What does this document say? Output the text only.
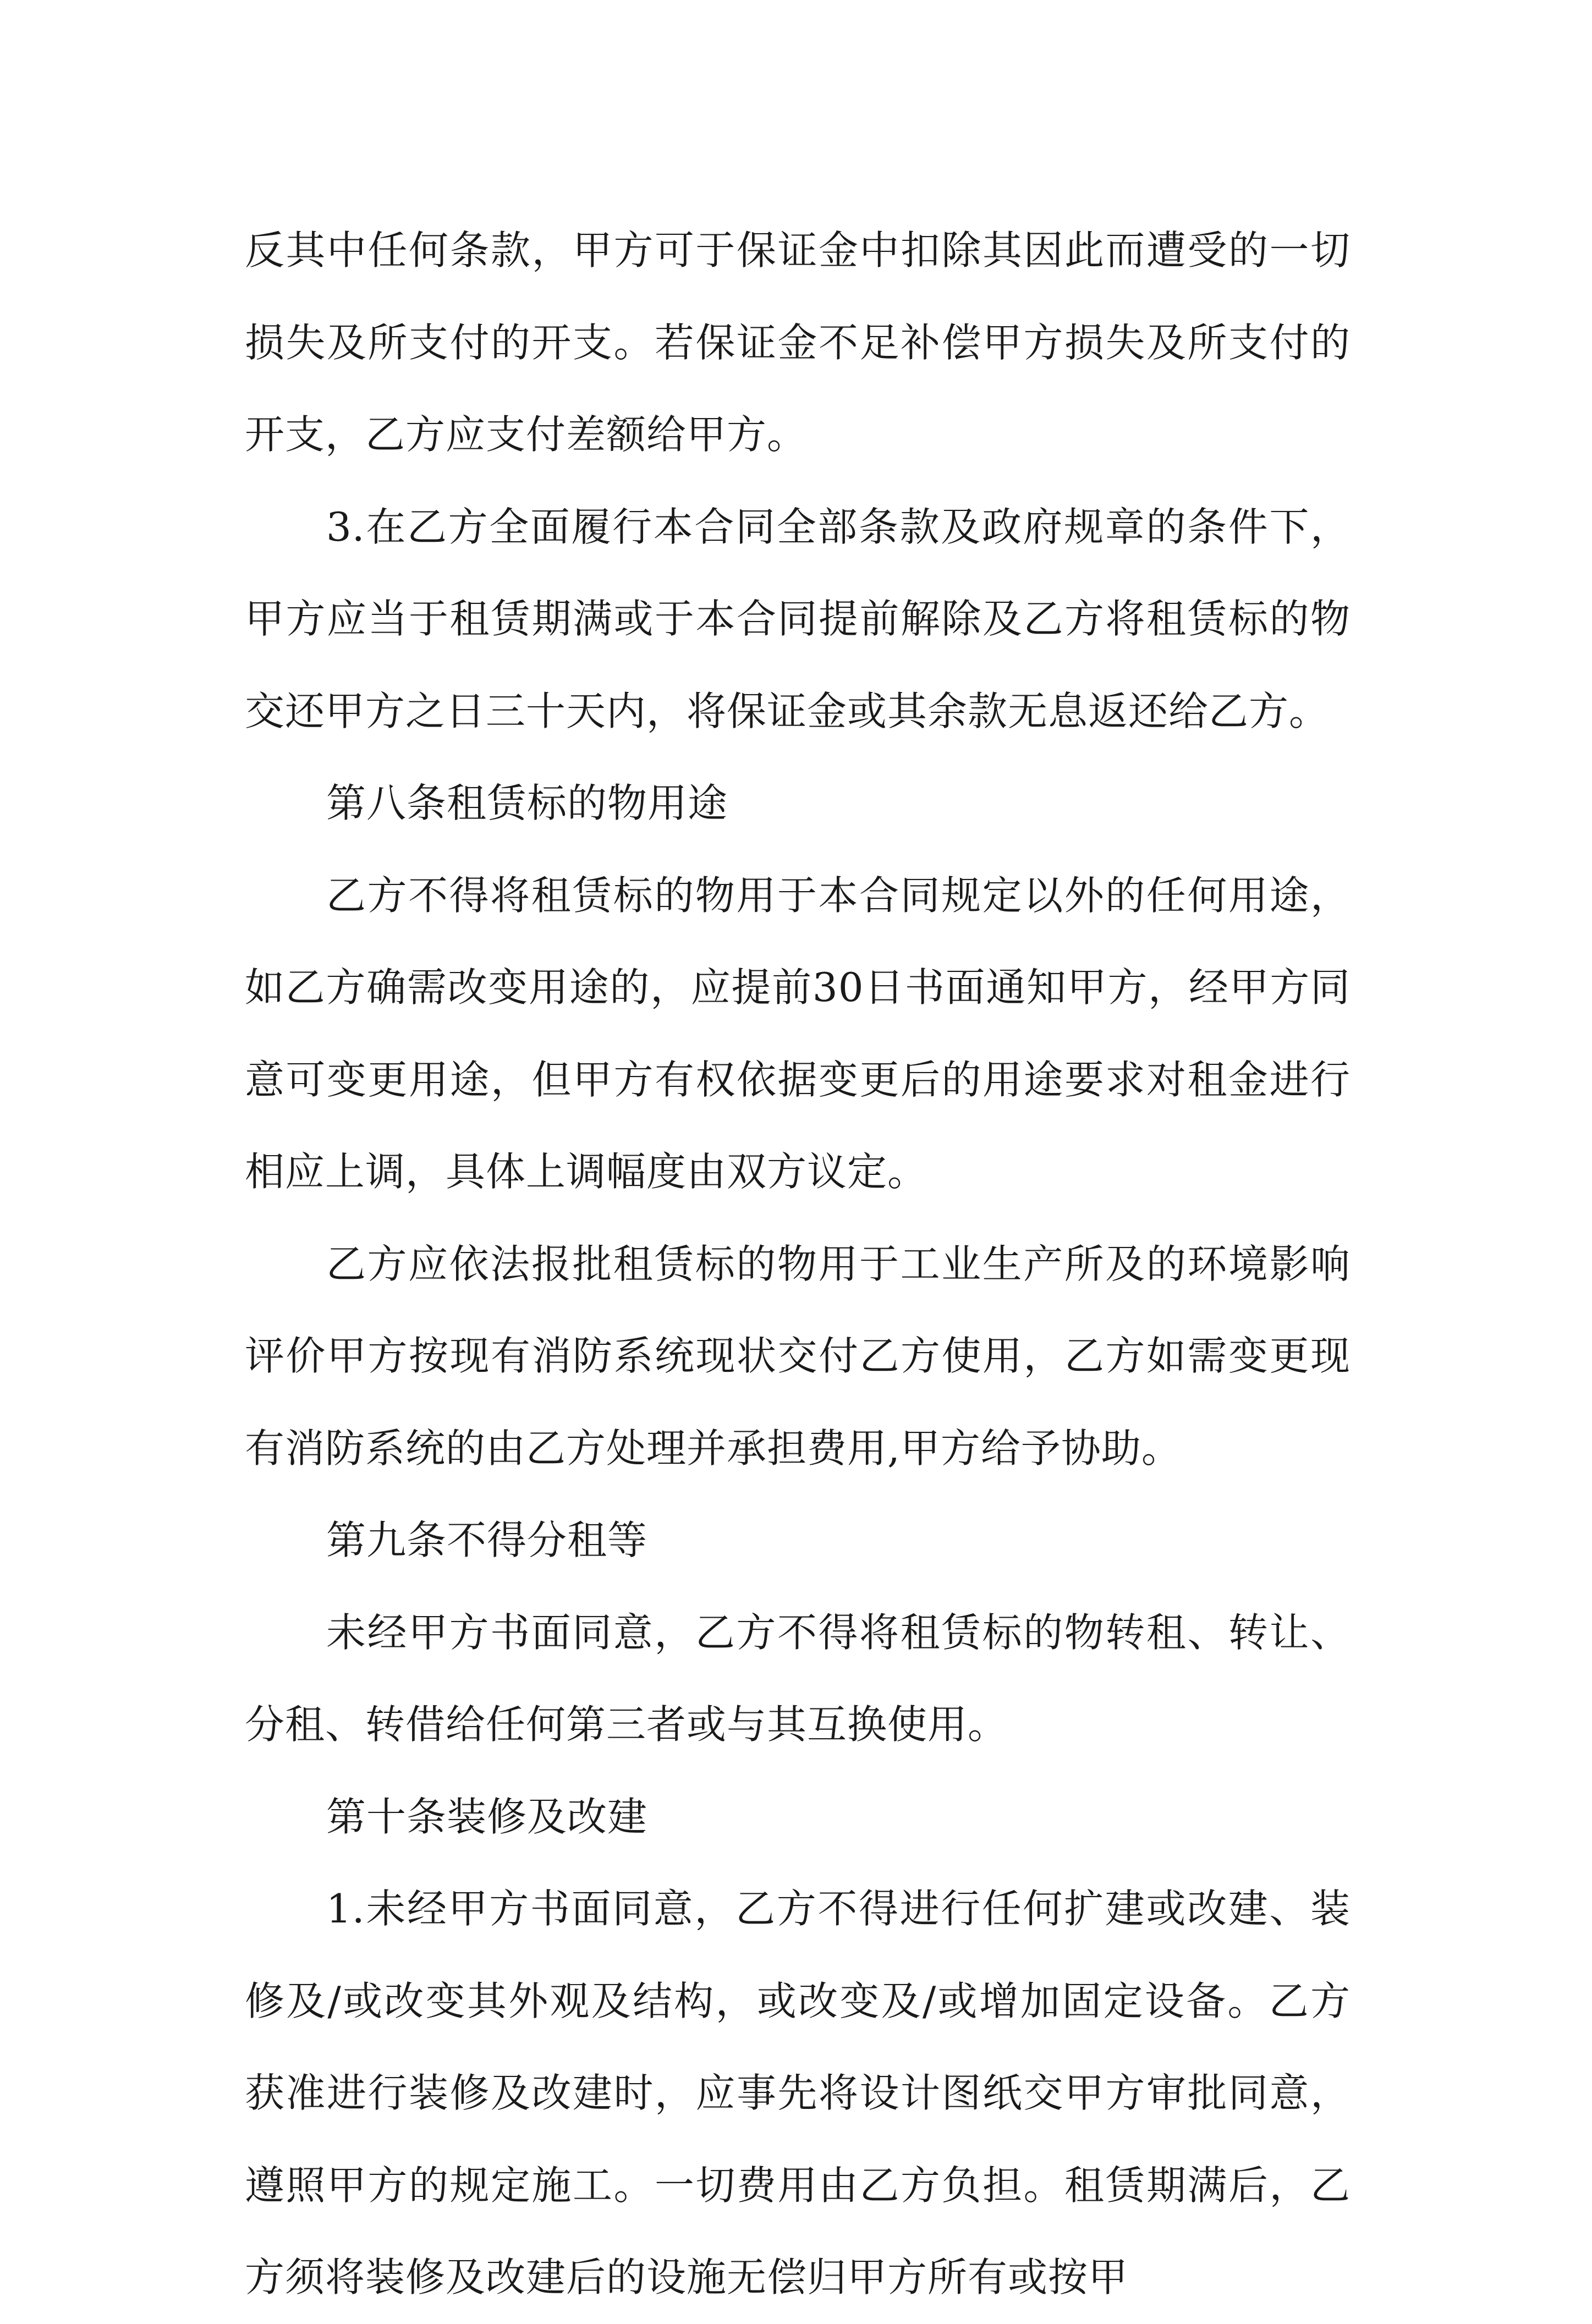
反其中任何条款，甲方可于保证金中扣除其因此而遭受的一切损失及所支付的开支。若保证金不足补偿甲方损失及所支付的开支，乙方应支付差额给甲方。

3.在乙方全面履行本合同全部条款及政府规章的条件下，甲方应当于租赁期满或于本合同提前解除及乙方将租赁标的物交还甲方之日三十天内，将保证金或其余款无息返还给乙方。

第八条租赁标的物用途

乙方不得将租赁标的物用于本合同规定以外的任何用途，如乙方确需改变用途的，应提前30日书面通知甲方，经甲方同意可变更用途，但甲方有权依据变更后的用途要求对租金进行相应上调，具体上调幅度由双方议定。

乙方应依法报批租赁标的物用于工业生产所及的环境影响评价甲方按现有消防系统现状交付乙方使用，乙方如需变更现有消防系统的由乙方处理并承担费用,甲方给予协助。

第九条不得分租等

未经甲方书面同意，乙方不得将租赁标的物转租、转让、分租、转借给任何第三者或与其互换使用。

第十条装修及改建

1.未经甲方书面同意，乙方不得进行任何扩建或改建、装修及/或改变其外观及结构，或改变及/或增加固定设备。乙方获准进行装修及改建时，应事先将设计图纸交甲方审批同意，遵照甲方的规定施工。一切费用由乙方负担。租赁期满后，乙方须将装修及改建后的设施无偿归甲方所有或按甲
